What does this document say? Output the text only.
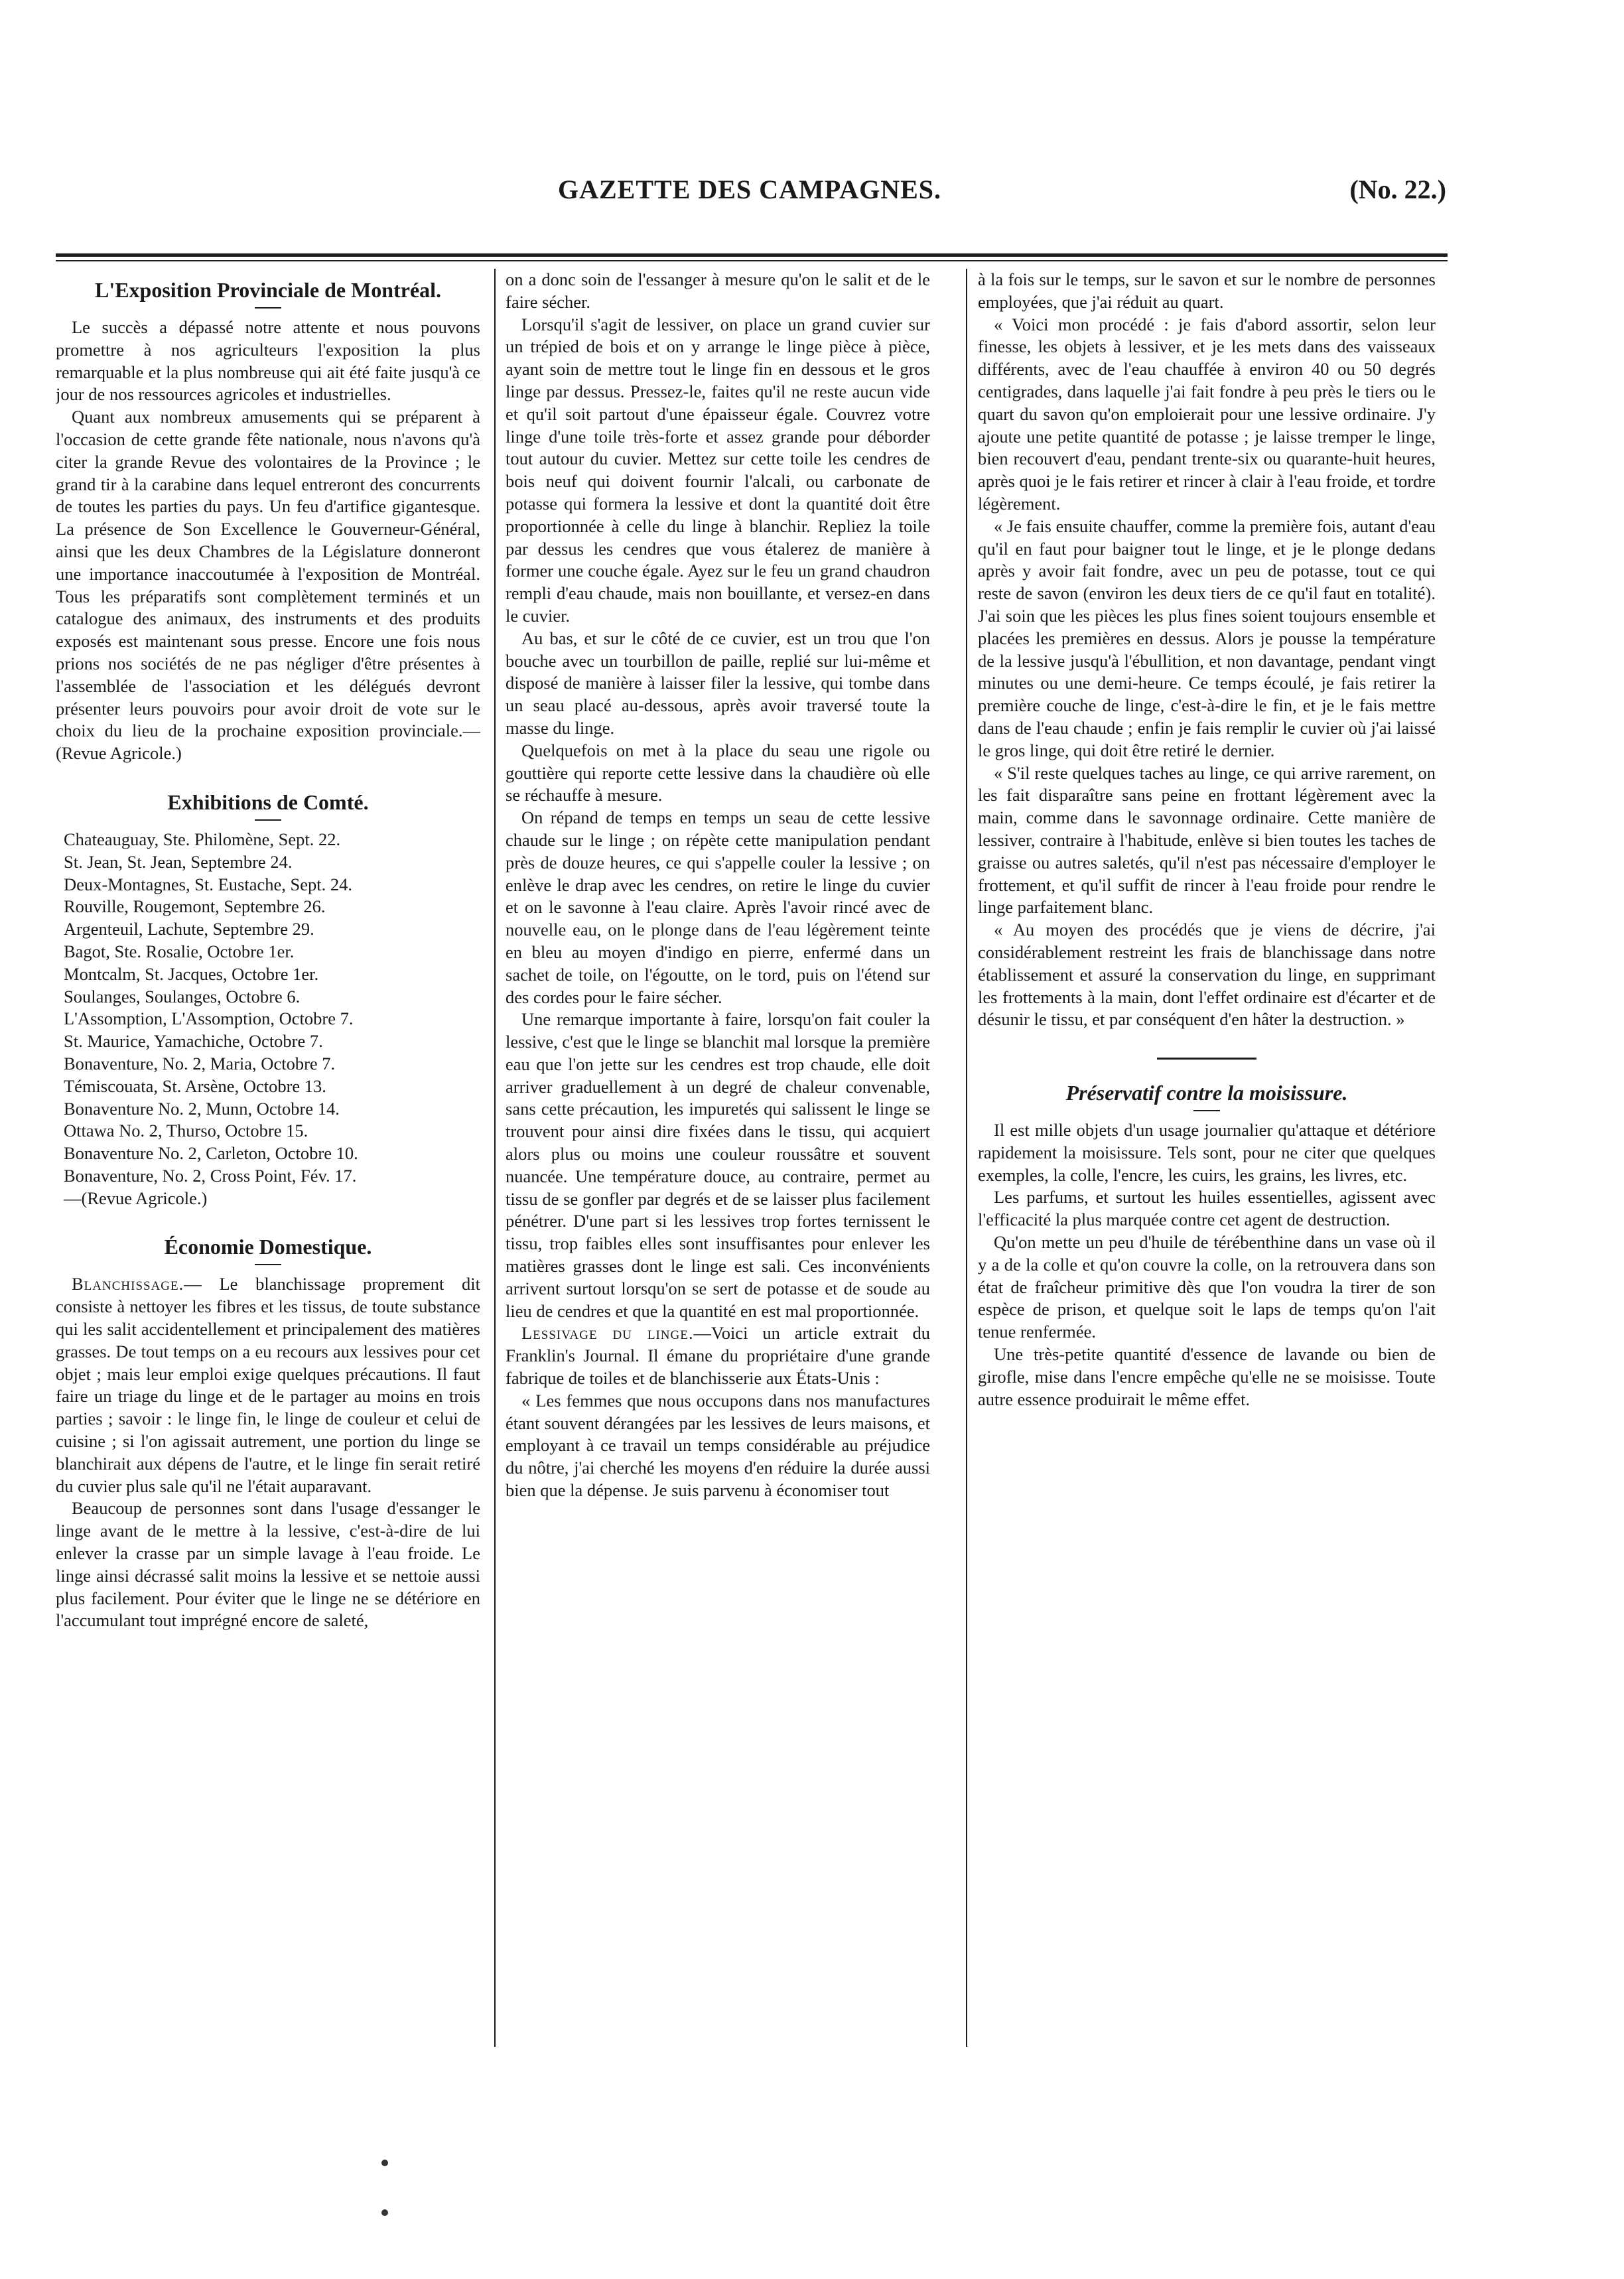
GAZETTE DES CAMPAGNES.	(No. 22.)
L'Exposition Provinciale de Montréal.

Le succès a dépassé notre attente et nous pouvons promettre à nos agriculteurs l'exposition la plus remarquable et la plus nombreuse qui ait été faite jusqu'à ce jour de nos ressources agricoles et industrielles.

Quant aux nombreux amusements qui se préparent à l'occasion de cette grande fête nationale, nous n'avons qu'à citer la grande Revue des volontaires de la Province ; le grand tir à la carabine dans lequel entreront des concurrents de toutes les parties du pays. Un feu d'artifice gigantesque. La présence de Son Excellence le Gouverneur-Général, ainsi que les deux Chambres de la Législature donneront une importance inaccoutumée à l'exposition de Montréal. Tous les préparatifs sont complètement terminés et un catalogue des animaux, des instruments et des produits exposés est maintenant sous presse. Encore une fois nous prions nos sociétés de ne pas négliger d'être présentes à l'assemblée de l'association et les délégués devront présenter leurs pouvoirs pour avoir droit de vote sur le choix du lieu de la prochaine exposition provinciale.—(Revue Agricole.)

Exhibitions de Comté.
Chateauguay, Ste. Philomène, Sept. 22.
St. Jean, St. Jean, Septembre 24.
Deux-Montagnes, St. Eustache, Sept. 24.
Rouville, Rougemont, Septembre 26.
Argenteuil, Lachute, Septembre 29.
Bagot, Ste. Rosalie, Octobre 1er.
Montcalm, St. Jacques, Octobre 1er.
Soulanges, Soulanges, Octobre 6.
L'Assomption, L'Assomption, Octobre 7.
St. Maurice, Yamachiche, Octobre 7.
Bonaventure, No. 2, Maria, Octobre 7.
Témiscouata, St. Arsène, Octobre 13.
Bonaventure No. 2, Munn, Octobre 14.
Ottawa No. 2, Thurso, Octobre 15.
Bonaventure No. 2, Carleton, Octobre 10.
Bonaventure, No. 2, Cross Point, Fév. 17.
—(Revue Agricole.)
Économie Domestique.

Blanchissage.— Le blanchissage proprement dit consiste à nettoyer les fibres et les tissus, de toute substance qui les salit accidentellement et principalement des matières grasses. De tout temps on a eu recours aux lessives pour cet objet ; mais leur emploi exige quelques précautions. Il faut faire un triage du linge et de le partager au moins en trois parties ; savoir : le linge fin, le linge de couleur et celui de cuisine ; si l'on agissait autrement, une portion du linge se blanchirait aux dépens de l'autre, et le linge fin serait retiré du cuvier plus sale qu'il ne l'était auparavant.

Beaucoup de personnes sont dans l'usage d'essanger le linge avant de le mettre à la lessive, c'est-à-dire de lui enlever la crasse par un simple lavage à l'eau froide. Le linge ainsi décrassé salit moins la lessive et se nettoie aussi plus facilement. Pour éviter que le linge ne se détériore en l'accumulant tout imprégné encore de saleté,

on a donc soin de l'essanger à mesure qu'on le salit et de le faire sécher.

Lorsqu'il s'agit de lessiver, on place un grand cuvier sur un trépied de bois et on y arrange le linge pièce à pièce, ayant soin de mettre tout le linge fin en dessous et le gros linge par dessus. Pressez-le, faites qu'il ne reste aucun vide et qu'il soit partout d'une épaisseur égale. Couvrez votre linge d'une toile très-forte et assez grande pour déborder tout autour du cuvier. Mettez sur cette toile les cendres de bois neuf qui doivent fournir l'alcali, ou carbonate de potasse qui formera la lessive et dont la quantité doit être proportionnée à celle du linge à blanchir. Repliez la toile par dessus les cendres que vous étalerez de manière à former une couche égale. Ayez sur le feu un grand chaudron rempli d'eau chaude, mais non bouillante, et versez-en dans le cuvier.

Au bas, et sur le côté de ce cuvier, est un trou que l'on bouche avec un tourbillon de paille, replié sur lui-même et disposé de manière à laisser filer la lessive, qui tombe dans un seau placé au-dessous, après avoir traversé toute la masse du linge.

Quelquefois on met à la place du seau une rigole ou gouttière qui reporte cette lessive dans la chaudière où elle se réchauffe à mesure.

On répand de temps en temps un seau de cette lessive chaude sur le linge ; on répète cette manipulation pendant près de douze heures, ce qui s'appelle couler la lessive ; on enlève le drap avec les cendres, on retire le linge du cuvier et on le savonne à l'eau claire. Après l'avoir rincé avec de nouvelle eau, on le plonge dans de l'eau légèrement teinte en bleu au moyen d'indigo en pierre, enfermé dans un sachet de toile, on l'égoutte, on le tord, puis on l'étend sur des cordes pour le faire sécher.

Une remarque importante à faire, lorsqu'on fait couler la lessive, c'est que le linge se blanchit mal lorsque la première eau que l'on jette sur les cendres est trop chaude, elle doit arriver graduellement à un degré de chaleur convenable, sans cette précaution, les impuretés qui salissent le linge se trouvent pour ainsi dire fixées dans le tissu, qui acquiert alors plus ou moins une couleur roussâtre et souvent nuancée. Une température douce, au contraire, permet au tissu de se gonfler par degrés et de se laisser plus facilement pénétrer. D'une part si les lessives trop fortes ternissent le tissu, trop faibles elles sont insuffisantes pour enlever les matières grasses dont le linge est sali. Ces inconvénients arrivent surtout lorsqu'on se sert de potasse et de soude au lieu de cendres et que la quantité en est mal proportionnée.

Lessivage du linge.—Voici un article extrait du Franklin's Journal. Il émane du propriétaire d'une grande fabrique de toiles et de blanchisserie aux États-Unis :

« Les femmes que nous occupons dans nos manufactures étant souvent dérangées par les lessives de leurs maisons, et employant à ce travail un temps considérable au préjudice du nôtre, j'ai cherché les moyens d'en réduire la durée aussi bien que la dépense. Je suis parvenu à économiser tout

à la fois sur le temps, sur le savon et sur le nombre de personnes employées, que j'ai réduit au quart.

« Voici mon procédé : je fais d'abord assortir, selon leur finesse, les objets à lessiver, et je les mets dans des vaisseaux différents, avec de l'eau chauffée à environ 40 ou 50 degrés centigrades, dans laquelle j'ai fait fondre à peu près le tiers ou le quart du savon qu'on emploierait pour une lessive ordinaire. J'y ajoute une petite quantité de potasse ; je laisse tremper le linge, bien recouvert d'eau, pendant trente-six ou quarante-huit heures, après quoi je le fais retirer et rincer à clair à l'eau froide, et tordre légèrement.

« Je fais ensuite chauffer, comme la première fois, autant d'eau qu'il en faut pour baigner tout le linge, et je le plonge dedans après y avoir fait fondre, avec un peu de potasse, tout ce qui reste de savon (environ les deux tiers de ce qu'il faut en totalité). J'ai soin que les pièces les plus fines soient toujours ensemble et placées les premières en dessus. Alors je pousse la température de la lessive jusqu'à l'ébullition, et non davantage, pendant vingt minutes ou une demi-heure. Ce temps écoulé, je fais retirer la première couche de linge, c'est-à-dire le fin, et je le fais mettre dans de l'eau chaude ; enfin je fais remplir le cuvier où j'ai laissé le gros linge, qui doit être retiré le dernier.

« S'il reste quelques taches au linge, ce qui arrive rarement, on les fait disparaître sans peine en frottant légèrement avec la main, comme dans le savonnage ordinaire. Cette manière de lessiver, contraire à l'habitude, enlève si bien toutes les taches de graisse ou autres saletés, qu'il n'est pas nécessaire d'employer le frottement, et qu'il suffit de rincer à l'eau froide pour rendre le linge parfaitement blanc.

« Au moyen des procédés que je viens de décrire, j'ai considérablement restreint les frais de blanchissage dans notre établissement et assuré la conservation du linge, en supprimant les frottements à la main, dont l'effet ordinaire est d'écarter et de désunir le tissu, et par conséquent d'en hâter la destruction. »

Préservatif contre la moisissure.

Il est mille objets d'un usage journalier qu'attaque et détériore rapidement la moisissure. Tels sont, pour ne citer que quelques exemples, la colle, l'encre, les cuirs, les grains, les livres, etc.

Les parfums, et surtout les huiles essentielles, agissent avec l'efficacité la plus marquée contre cet agent de destruction.

Qu'on mette un peu d'huile de térébenthine dans un vase où il y a de la colle et qu'on couvre la colle, on la retrouvera dans son état de fraîcheur primitive dès que l'on voudra la tirer de son espèce de prison, et quelque soit le laps de temps qu'on l'ait tenue renfermée.

Une très-petite quantité d'essence de lavande ou bien de girofle, mise dans l'encre empêche qu'elle ne se moisisse. Toute autre essence produirait le même effet.
